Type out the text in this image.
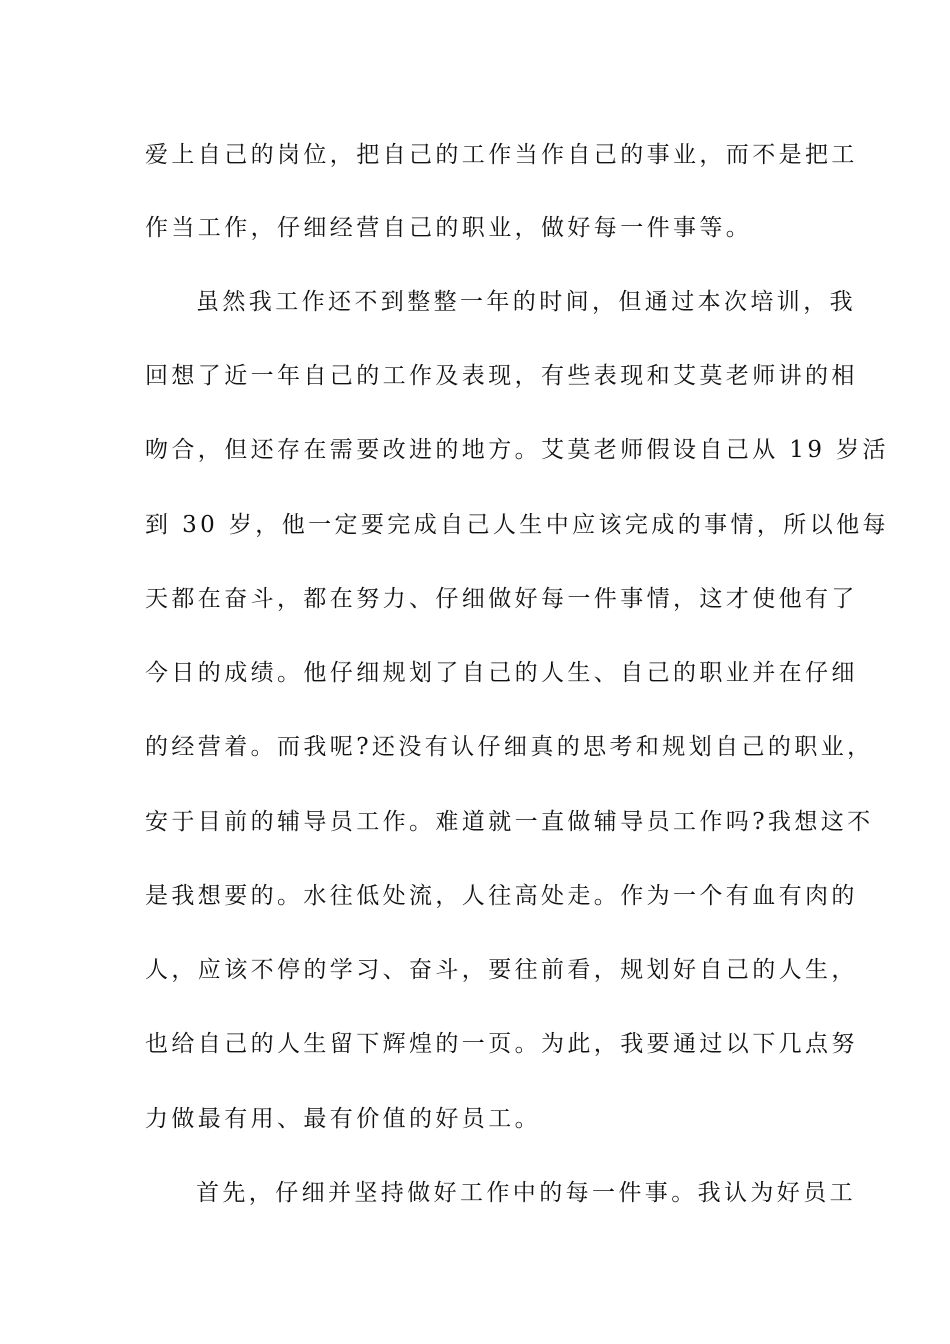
爱上自己的岗位，把自己的工作当作自己的事业，而不是把工
作当工作，仔细经营自己的职业，做好每一件事等。
虽然我工作还不到整整一年的时间，但通过本次培训，我
回想了近一年自己的工作及表现，有些表现和艾莫老师讲的相
吻合，但还存在需要改进的地方。艾莫老师假设自己从 19 岁活
到 30 岁，他一定要完成自己人生中应该完成的事情，所以他每
天都在奋斗，都在努力、仔细做好每一件事情，这才使他有了
今日的成绩。他仔细规划了自己的人生、自己的职业并在仔细
的经营着。而我呢?还没有认仔细真的思考和规划自己的职业，
安于目前的辅导员工作。难道就一直做辅导员工作吗?我想这不
是我想要的。水往低处流，人往高处走。作为一个有血有肉的
人，应该不停的学习、奋斗，要往前看，规划好自己的人生，
也给自己的人生留下辉煌的一页。为此，我要通过以下几点努
力做最有用、最有价值的好员工。
首先，仔细并坚持做好工作中的每一件事。我认为好员工
